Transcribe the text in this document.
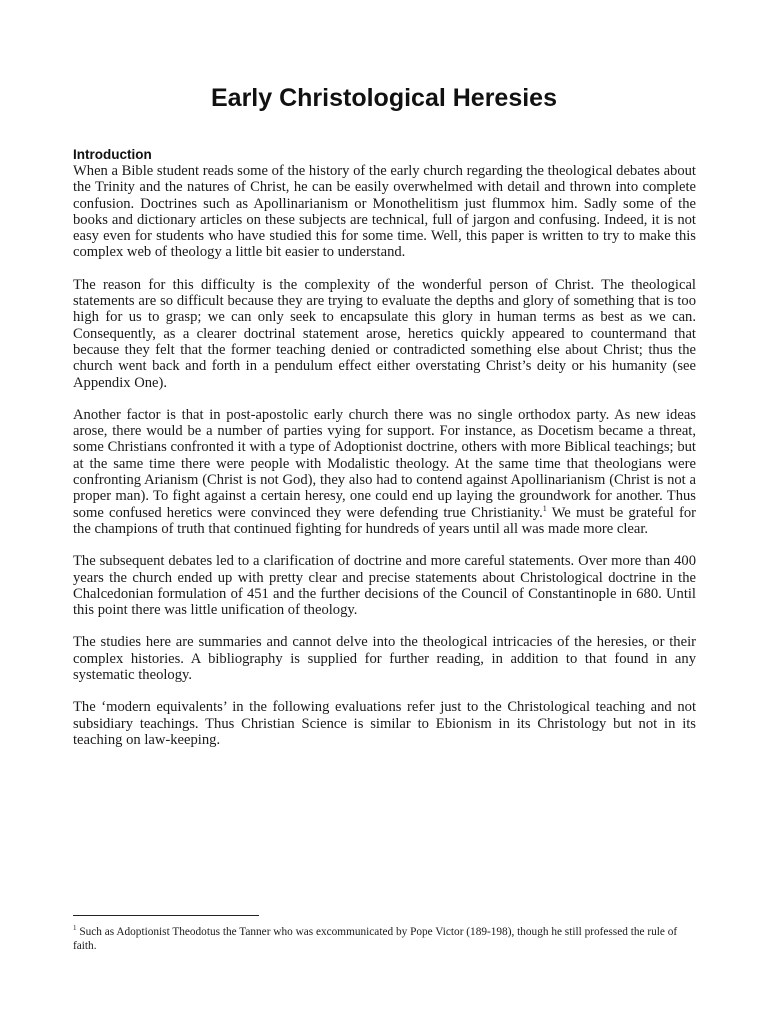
Early Christological Heresies

Introduction

When a Bible student reads some of the history of the early church regarding the theological debates about the Trinity and the natures of Christ, he can be easily overwhelmed with detail and thrown into complete confusion. Doctrines such as Apollinarianism or Monothelitism just flummox him. Sadly some of the books and dictionary articles on these subjects are technical, full of jargon and confusing. Indeed, it is not easy even for students who have studied this for some time. Well, this paper is written to try to make this complex web of theology a little bit easier to understand.

The reason for this difficulty is the complexity of the wonderful person of Christ. The theological statements are so difficult because they are trying to evaluate the depths and glory of something that is too high for us to grasp; we can only seek to encapsulate this glory in human terms as best as we can. Consequently, as a clearer doctrinal statement arose, heretics quickly appeared to countermand that because they felt that the former teaching denied or contradicted something else about Christ; thus the church went back and forth in a pendulum effect either overstating Christ’s deity or his humanity (see Appendix One).

Another factor is that in post-apostolic early church there was no single orthodox party. As new ideas arose, there would be a number of parties vying for support. For instance, as Docetism became a threat, some Christians confronted it with a type of Adoptionist doctrine, others with more Biblical teachings; but at the same time there were people with Modalistic theology. At the same time that theologians were confronting Arianism (Christ is not God), they also had to contend against Apollinarianism (Christ is not a proper man). To fight against a certain heresy, one could end up laying the groundwork for another. Thus some confused heretics were convinced they were defending true Christianity.$^1$ We must be grateful for the champions of truth that continued fighting for hundreds of years until all was made more clear.

The subsequent debates led to a clarification of doctrine and more careful statements. Over more than 400 years the church ended up with pretty clear and precise statements about Christological doctrine in the Chalcedonian formulation of 451 and the further decisions of the Council of Constantinople in 680. Until this point there was little unification of theology.

The studies here are summaries and cannot delve into the theological intricacies of the heresies, or their complex histories. A bibliography is supplied for further reading, in addition to that found in any systematic theology.

The ‘modern equivalents’ in the following evaluations refer just to the Christological teaching and not subsidiary teachings. Thus Christian Science is similar to Ebionism in its Christology but not in its teaching on law-keeping.

$^1$ Such as Adoptionist Theodotus the Tanner who was excommunicated by Pope Victor (189-198), though he still professed the rule of faith.
